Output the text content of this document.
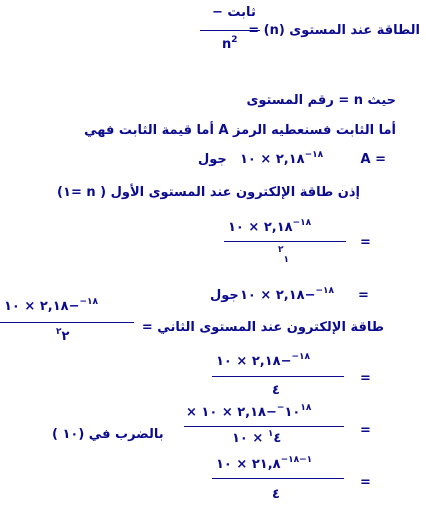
الطاقة عند المستوى (n) =
ثابت −
$n^2$
حيث n = رقم المستوى
أما الثابت فسنعطيه الرمز A أما قيمة الثابت فهي
A =
$^{١٨-}$٢,١٨ × ١٠
جول
إذن طاقة الإلكترون عند المستوى الأول ( n =١)
$^{١٨-}$٢,١٨ × ١٠
$^٢_١$
=
=
$^{١٨-}$−٢,١٨ × ١٠
جول
طاقة الإلكترون عند المستوى الثاني =
$^{١٨-}$−٢,١٨ × ١٠
$^٢$٢
$^{١٨-}$−٢,١٨ × ١٠
٤
=
× $١٠^{١٨-}-٢,١٨$ × ١٠
$^١$٤ × ١٠
=
بالضرب في (١٠ )
$^{١-١٨-}$٢١,٨ × ١٠
٤
=
